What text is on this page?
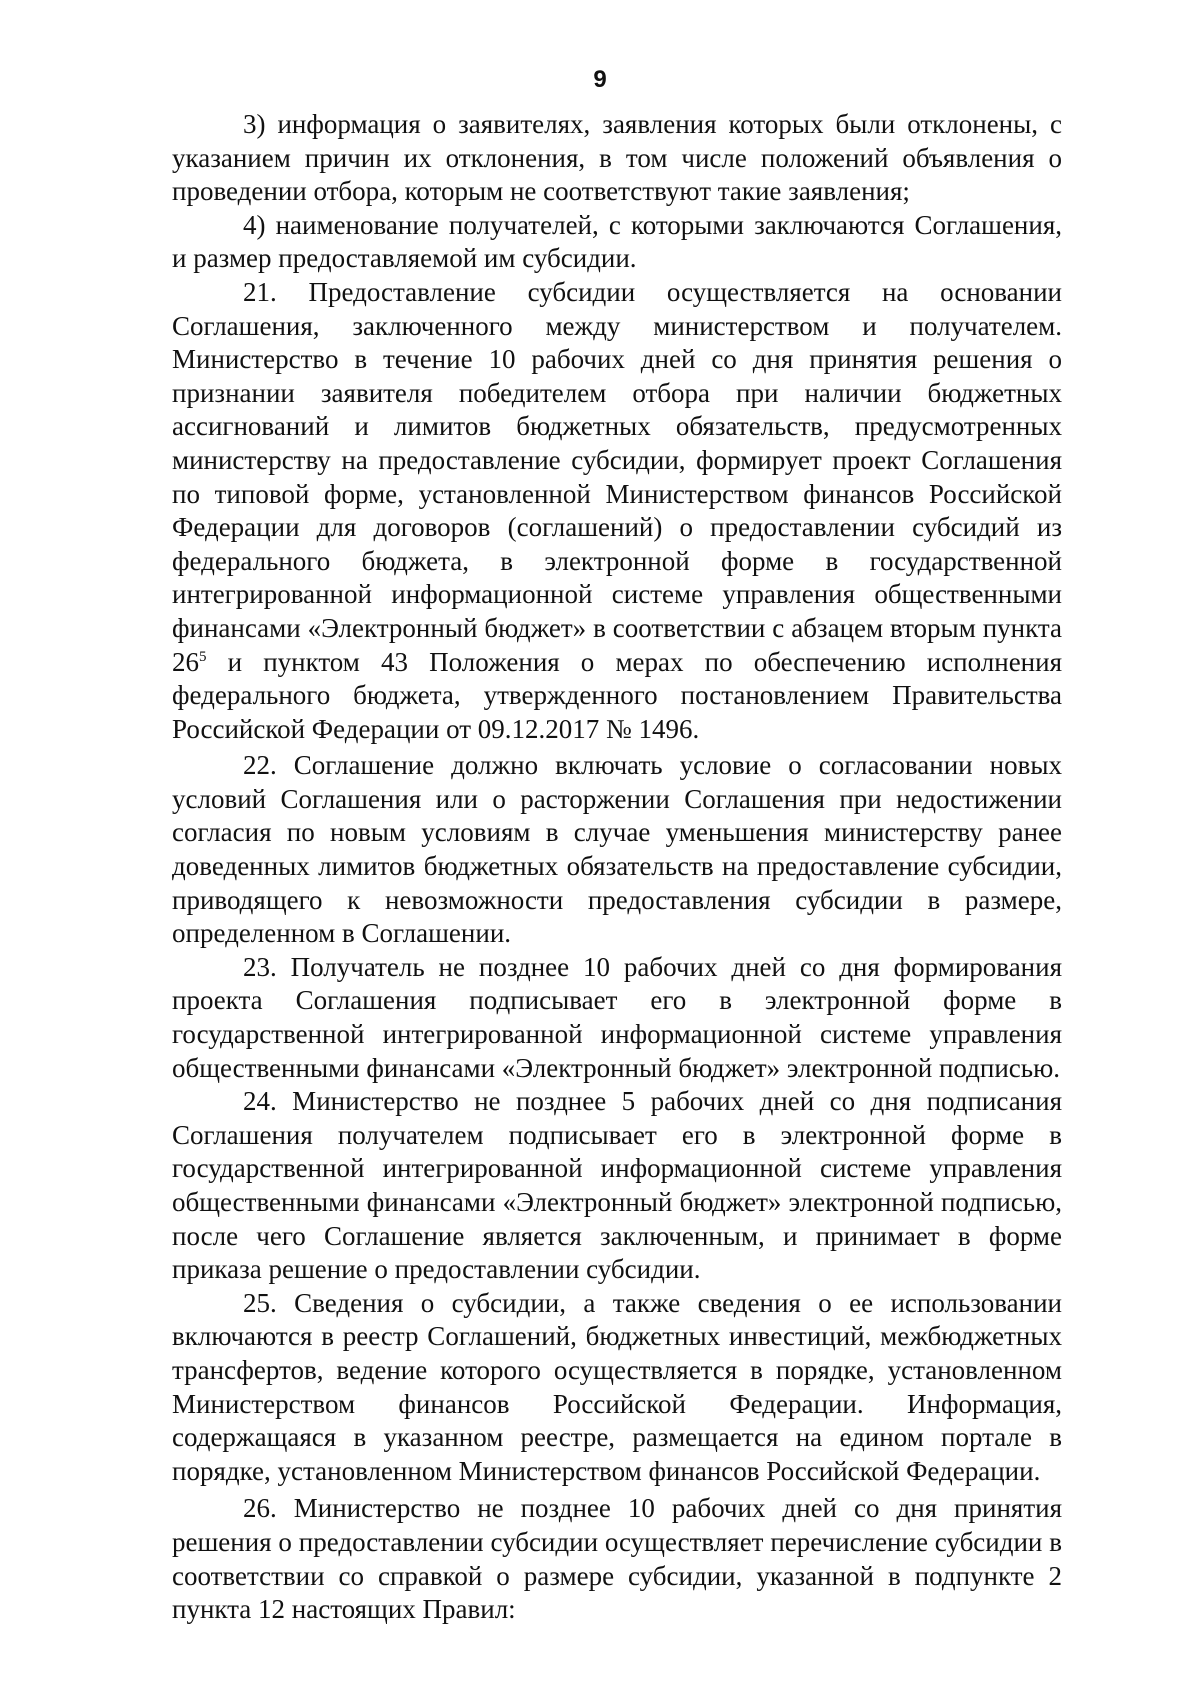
9

3) информация о заявителях, заявления которых были отклонены, с указанием причин их отклонения, в том числе положений объявления о проведении отбора, которым не соответствуют такие заявления;

4) наименование получателей, с которыми заключаются Соглашения, и размер предоставляемой им субсидии.

21. Предоставление субсидии осуществляется на основании Соглашения, заключенного между министерством и получателем. Министерство в течение 10 рабочих дней со дня принятия решения о признании заявителя победителем отбора при наличии бюджетных ассигнований и лимитов бюджетных обязательств, предусмотренных министерству на предоставление субсидии, формирует проект Соглашения по типовой форме, установленной Министерством финансов Российской Федерации для договоров (соглашений) о предоставлении субсидий из федерального бюджета, в электронной форме в государственной интегрированной информационной системе управления общественными финансами «Электронный бюджет» в соответствии с абзацем вторым пункта $26^5$ и пунктом 43 Положения о мерах по обеспечению исполнения федерального бюджета, утвержденного постановлением Правительства Российской Федерации от 09.12.2017 № 1496.

22. Соглашение должно включать условие о согласовании новых условий Соглашения или о расторжении Соглашения при недостижении согласия по новым условиям в случае уменьшения министерству ранее доведенных лимитов бюджетных обязательств на предоставление субсидии, приводящего к невозможности предоставления субсидии в размере, определенном в Соглашении.

23. Получатель не позднее 10 рабочих дней со дня формирования проекта Соглашения подписывает его в электронной форме в государственной интегрированной информационной системе управления общественными финансами «Электронный бюджет» электронной подписью.

24. Министерство не позднее 5 рабочих дней со дня подписания Соглашения получателем подписывает его в электронной форме в государственной интегрированной информационной системе управления общественными финансами «Электронный бюджет» электронной подписью, после чего Соглашение является заключенным, и принимает в форме приказа решение о предоставлении субсидии.

25. Сведения о субсидии, а также сведения о ее использовании включаются в реестр Соглашений, бюджетных инвестиций, межбюджетных трансфертов, ведение которого осуществляется в порядке, установленном Министерством финансов Российской Федерации. Информация, содержащаяся в указанном реестре, размещается на едином портале в порядке, установленном Министерством финансов Российской Федерации.

26. Министерство не позднее 10 рабочих дней со дня принятия решения о предоставлении субсидии осуществляет перечисление субсидии в соответствии со справкой о размере субсидии, указанной в подпункте 2 пункта 12 настоящих Правил:
